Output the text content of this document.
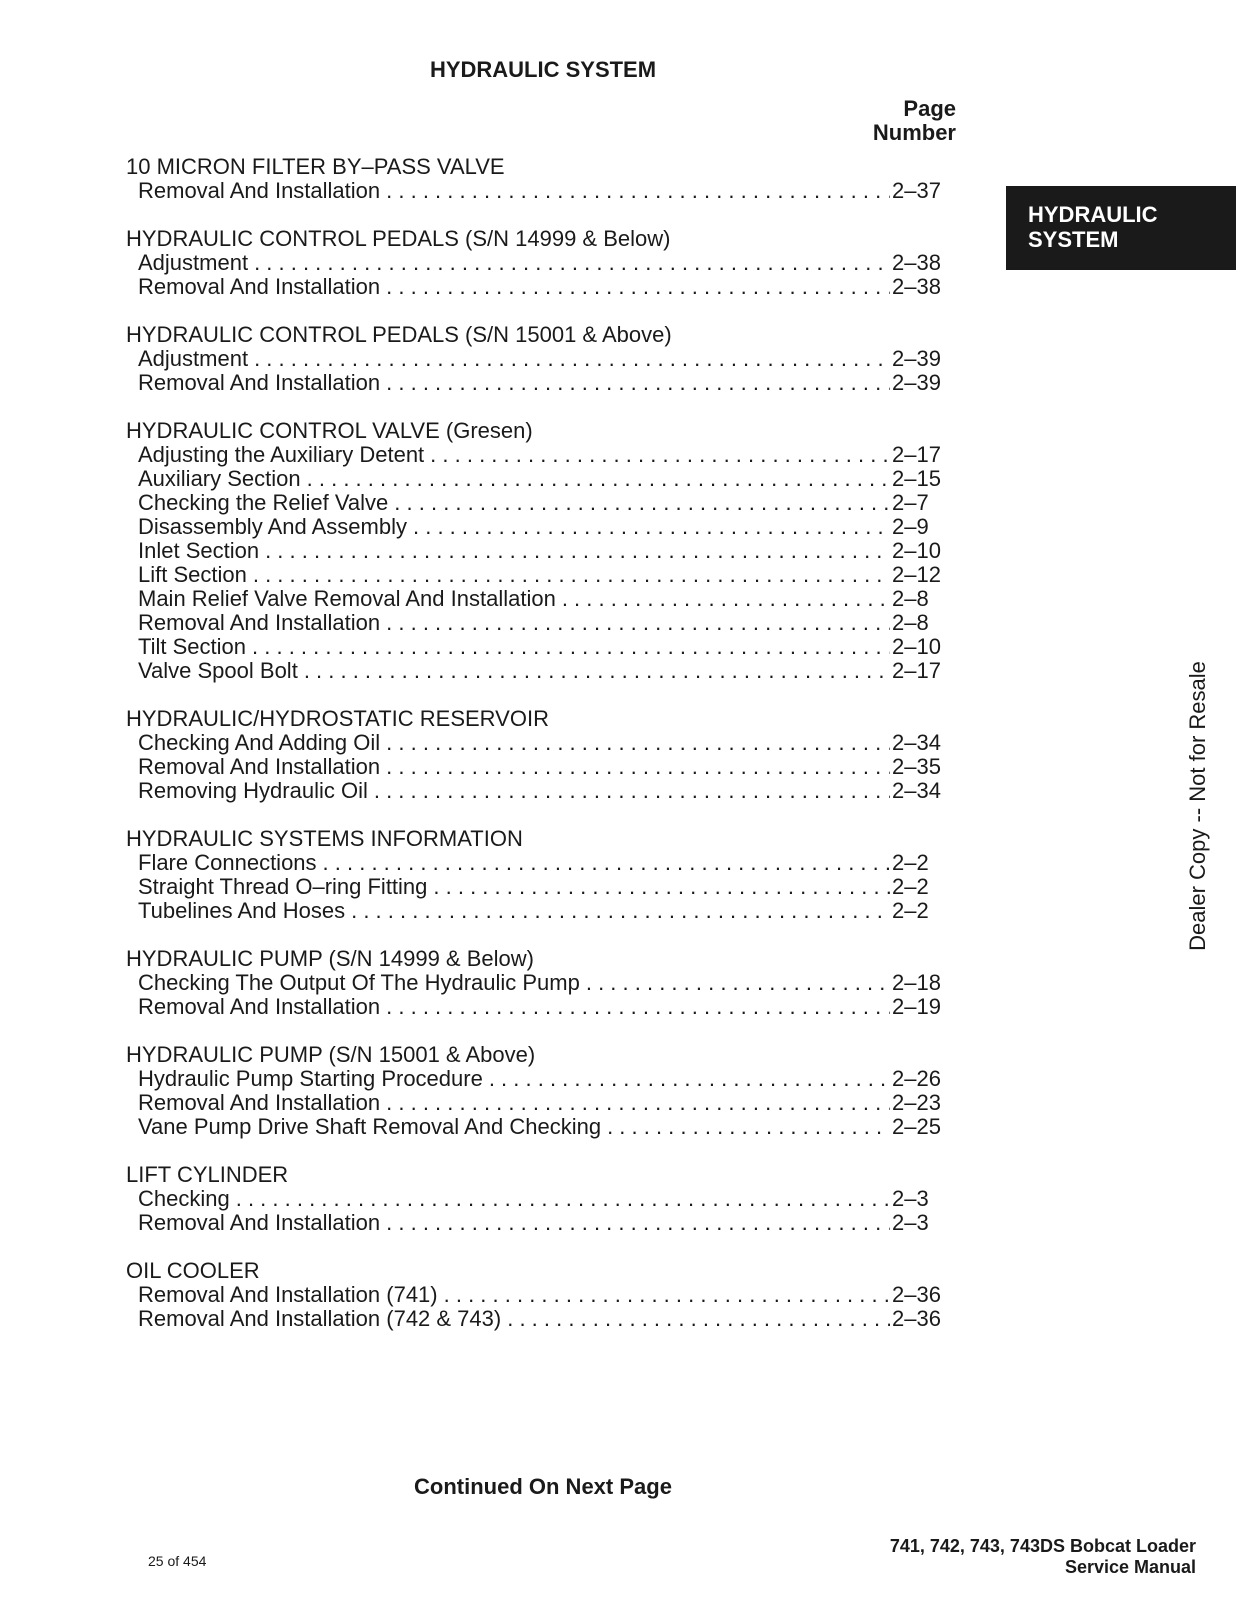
HYDRAULIC SYSTEM
Page
Number
HYDRAULIC
SYSTEM
10 MICRON FILTER BY–PASS VALVE
Removal And Installation . . .	2–37
HYDRAULIC CONTROL PEDALS (S/N 14999 & Below)
Adjustment . . .	2–38
Removal And Installation . . .	2–38
HYDRAULIC CONTROL PEDALS (S/N 15001 & Above)
Adjustment . . .	2–39
Removal And Installation . . .	2–39
HYDRAULIC CONTROL VALVE (Gresen)
Adjusting the Auxiliary Detent . . .	2–17
Auxiliary Section . . .	2–15
Checking the Relief Valve . . .	2–7
Disassembly And Assembly . . .	2–9
Inlet Section . . .	2–10
Lift Section . . .	2–12
Main Relief Valve Removal And Installation . . .	2–8
Removal And Installation . . .	2–8
Tilt Section . . .	2–10
Valve Spool Bolt . . .	2–17
HYDRAULIC/HYDROSTATIC RESERVOIR
Checking And Adding Oil . . .	2–34
Removal And Installation . . .	2–35
Removing Hydraulic Oil . . .	2–34
HYDRAULIC SYSTEMS INFORMATION
Flare Connections . . .	2–2
Straight Thread O–ring Fitting . . .	2–2
Tubelines And Hoses . . .	2–2
HYDRAULIC PUMP (S/N 14999 & Below)
Checking The Output Of The Hydraulic Pump . . .	2–18
Removal And Installation . . .	2–19
HYDRAULIC PUMP (S/N 15001 & Above)
Hydraulic Pump Starting Procedure . . .	2–26
Removal And Installation . . .	2–23
Vane Pump Drive Shaft Removal And Checking . . .	2–25
LIFT CYLINDER
Checking . . .	2–3
Removal And Installation . . .	2–3
OIL COOLER
Removal And Installation (741) . . .	2–36
Removal And Installation (742 & 743) . . .	2–36
Dealer Copy -- Not for Resale
Continued On Next Page
25 of 454
741, 742, 743, 743DS Bobcat Loader
Service Manual
